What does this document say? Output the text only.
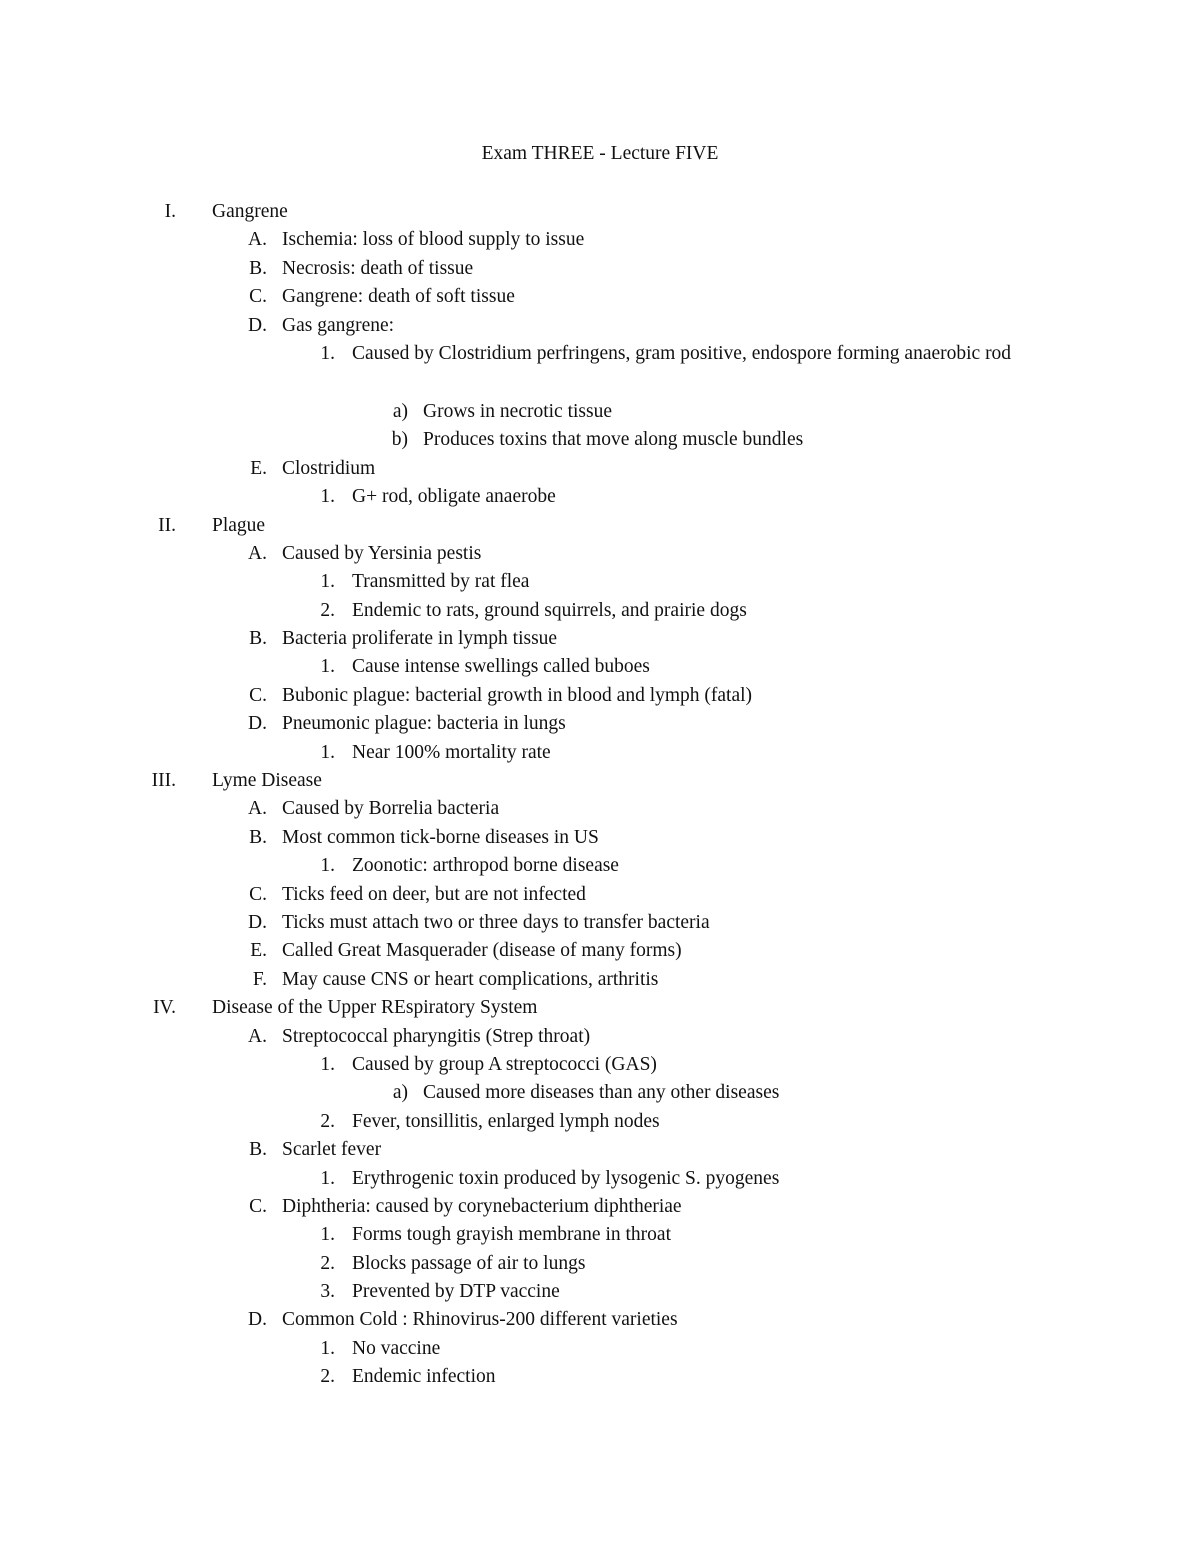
Exam THREE - Lecture FIVE
I. Gangrene
A. Ischemia: loss of blood supply to issue
B. Necrosis: death of tissue
C. Gangrene: death of soft tissue
D. Gas gangrene:
1. Caused by Clostridium perfringens, gram positive, endospore forming anaerobic rod
a) Grows in necrotic tissue
b) Produces toxins that move along muscle bundles
E. Clostridium
1. G+ rod, obligate anaerobe
II. Plague
A. Caused by Yersinia pestis
1. Transmitted by rat flea
2. Endemic to rats, ground squirrels, and prairie dogs
B. Bacteria proliferate in lymph tissue
1. Cause intense swellings called buboes
C. Bubonic plague: bacterial growth in blood and lymph (fatal)
D. Pneumonic plague: bacteria in lungs
1. Near 100% mortality rate
III. Lyme Disease
A. Caused by Borrelia bacteria
B. Most common tick-borne diseases in US
1. Zoonotic: arthropod borne disease
C. Ticks feed on deer, but are not infected
D. Ticks must attach two or three days to transfer bacteria
E. Called Great Masquerader (disease of many forms)
F. May cause CNS or heart complications, arthritis
IV. Disease of the Upper REspiratory System
A. Streptococcal pharyngitis (Strep throat)
1. Caused by group A streptococci (GAS)
a) Caused more diseases than any other diseases
2. Fever, tonsillitis, enlarged lymph nodes
B. Scarlet fever
1. Erythrogenic toxin produced by lysogenic S. pyogenes
C. Diphtheria: caused by corynebacterium diphtheriae
1. Forms tough grayish membrane in throat
2. Blocks passage of air to lungs
3. Prevented by DTP vaccine
D. Common Cold : Rhinovirus-200 different varieties
1. No vaccine
2. Endemic infection
